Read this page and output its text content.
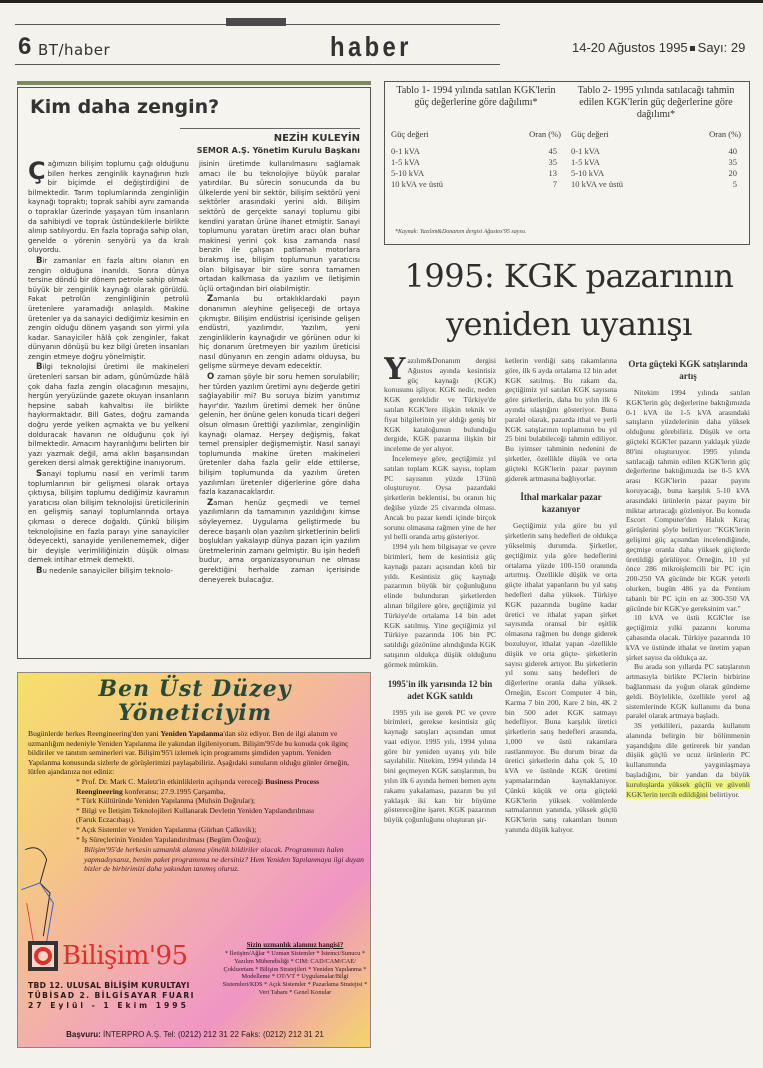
6 BT/haber	haber	14-20 Ağustos 1995 Sayı: 29
Kim daha zengin?
NEZİH KULEYİN
SEMOR A.Ş. Yönetim Kurulu Başkanı

Çağımızın bilişim toplumu çağı olduğunu bilen herkes zenginlik kaynağının hızlı bir biçimde el değiştirdiğini de bilmektedir. Tarım toplumlarında zenginliğin kaynağı topraktı; toprak sahibi aynı zamanda o topraklar üzerinde yaşayan tüm insanların da sahibiydi ve toprak üstündekilerle birlikte alınıp satılıyordu. En fazla toprağa sahip olan, genelde o yörenin senyörü ya da kralı oluyordu.

Bir zamanlar en fazla altını olanın en zengin olduğuna inanıldı. Sonra dünya tersine döndü bir dönem petrole sahip olmak büyük bir zenginlik kaynağı olarak görüldü. Fakat petrolün zenginliğinin petrolü üretenlere yaramadığı anlaşıldı. Makine üretenler ya da sanayici dediğimiz kesimin en zengin olduğu dönem yaşandı son yirmi yıla kadar. Sanayiciler hâlâ çok zenginler, fakat dünyanın dönüşü bu kez bilgi üreten insanları zengin etmeye doğru yönelmiştir.

Bilgi teknolojisi üretimi ile makineleri üretenleri sarsan bir adam, günümüzde hâlâ çok daha fazla zengin olacağının mesajını, hergün yeryüzünde gazete okuyan insanların hepsine sabah kahvaltısı ile birlikte haykırmaktadır. Bill Gates, doğru zamanda doğru yerde yelken açmakta ve bu yelkeni dolduracak havanın ne olduğunu çok iyi bilmektedir. Amacım hayranlığımı belirten bir yazı yazmak değil, ama aklın başarısından gereken dersi almak gerektiğine inanıyorum.

Sanayi toplumu nasıl en verimli tarım toplumlarının bir gelişmesi olarak ortaya çıktıysa, bilişim toplumu dediğimiz kavramın yaratıcısı olan bilişim teknolojisi üreticilerinin en gelişmiş sanayi toplumlarında ortaya çıkması o derece doğaldı. Çünkü bilişim teknolojisine en fazla parayı yine sanayiciler ödeyecekti, sanayide yenilenememek, diğer bir deyişle verimliliğinizin düşük olması demek intihar etmek demekti.

Bu nedenle sanayiciler bilişim teknolo-

jisinin üretimde kullanılmasını sağlamak amacı ile bu teknolojiye büyük paralar yatırdılar. Bu sürecin sonucunda da bu ülkelerde yeni bir sektör, bilişim sektörü yeni sektörler arasındaki yerini aldı. Bilişim sektörü de gerçekte sanayi toplumu gibi kendini yaratan ürüne ihanet etmiştir. Sanayi toplumunu yaratan üretim aracı olan buhar makinesi yerini çok kısa zamanda nasıl benzin ile çalışan patlamalı motorlara bırakmış ise, bilişim toplumunun yaratıcısı olan bilgisayar bir süre sonra tamamen ortadan kalkmasa da yazılım ve iletişimin üçlü ortağından biri olabilmiştir.

Zamanla bu ortaklıklardaki payın donanımın aleyhine gelişeceği de ortaya çıkmıştır. Bilişim endüstrisi içerisinde gelişen endüstri, yazılımdır. Yazılım, yeni zenginliklerin kaynağıdır ve görünen odur ki hiç donanım üretmeyen bir yazılım üreticisi nasıl dünyanın en zengin adamı olduysa, bu gelişme sürmeye devam edecektir.

O zaman şöyle bir soru hemen sorulabilir; her türden yazılım üretimi aynı değerde getiri sağlayabilir mi? Bu soruya bizim yanıtımız hayır'dır. Yazılım üretimi demek her önüne gelenin, her önüne gelen konuda ticari değeri olsun olmasın ürettiği yazılımlar, zenginliğin kaynağı olamaz. Herşey değişmiş, fakat temel prensipler değişmemiştir. Nasıl sanayi toplumunda makine üreten makineleri üretenler daha fazla gelir elde ettilerse, bilişim toplumunda da yazılım üreten yazılımları üretenler diğerlerine göre daha fazla kazanacaklardır.

Zaman henüz geçmedi ve temel yazılımların da tamamının yazıldığını kimse söyleyemez. Uygulama geliştirmede bu derece başarılı olan yazılım şirketlerinin belirli boşlukları yakalayıp dünya pazarı için yazılım üretmelerinin zamanı gelmiştir. Bu işin hedefi budur, ama organizasyonunun ne olması gerektiğini herhalde zaman içerisinde deneyerek bulacağız.

Ben Üst Düzey
Yöneticiyim
Bugünlerde herkes Reengineering'den yani Yeniden Yapılanma'dan söz ediyor. Ben de ilgi alanım ve uzmanlığım nedeniyle Yeniden Yapılanma ile yakından ilgileniyorum. Bilişim'95'de bu konuda çok ilginç bildiriler ve tanıtım seminerleri var. Bilişim'95'i izlemek için programımı şimdiden yaptım. Yeniden Yapılanma konusunda sizlerle de görüşlerimizi paylaşabiliriz. Aşağıdaki sunuların olduğu günler örneğin, lütfen ajandanıza not ediniz:
* Prof. Dr. Mark C. Maletz'in etkinliklerin açılışında vereceği Business Process
Reengineering konferansı; 27.9.1995 Çarşamba,
* Türk Kültüründe Yeniden Yapılanma (Muhsin Doğrular);
* Bilgi ve İletişim Teknolojileri Kullanarak Devletin Yeniden Yapılandırılması
(Faruk Eczacıbaşı).
* Açık Sistemler ve Yeniden Yapılanma (Gürhan Çalkıvik);
* İş Süreçlerinin Yeniden Yapılandırılması (Begüm Özoğuz);
Bilişim'95'de herkesin uzmanlık alanına yönelik bildiriler olacak. Programınızı halen yapmadıysanız, benim paket programıma ne dersiniz? Hem Yeniden Yapılanmaya ilgi duyan bizler de birbirimizi daha yakından tanımış oluruz.
Bilişim'95
TBD 12. ULUSAL BİLİŞİM KURULTAYI
TÜBİSAD 2. BİLGİSAYAR FUARI
27 Eylül - 1 Ekim 1995
Sizin uzmanlık alanınız hangisi?
* İletişim/Ağlar * Uzman Sistemler * İstemci/Sunucu * Yazılım Mühendisliği * CIM: CAD/CAM/CAE/Çokluortam * Bilişim Stratejileri * Yeniden Yapılanma * Modelleme * OT/VT * Uygulamalar/Bilgi Sistemleri/KDS * Açık Sistemler * Pazarlama Stratejisi * Veri Tabanı * Genel Konular
Başvuru: İNTERPRO A.Ş. Tel: (0212) 212 31 22 Faks: (0212) 212 31 21
Tablo 1- 1994 yılında satılan KGK'lerin güç değerlerine göre dağılımı*
Güç değeri	Oran (%)
0-1 kVA	45
1-5 kVA	35
5-10 kVA	13
10 kVA ve üstü	7
Tablo 2- 1995 yılında satılacağı tahmin edilen KGK'lerin güç değerlerine göre dağılımı*
Güç değeri	Oran (%)
0-1 kVA	40
1-5 kVA	35
5-10 kVA	20
10 kVA ve üstü	5
*Kaynak: Yazılım&Donanım dergisi Ağustos'95 sayısı.
1995: KGK pazarının
yeniden uyanışı

Yazılım&Donanım dergisi Ağustos ayında kesintisiz güç kaynağı (KGK) konusunu işliyor. KGK nedir, neden KGK gereklidir ve Türkiye'de satılan KGK'lere ilişkin teknik ve fiyat bilgilerinin yer aldığı geniş bir KGK kataloğunun bulunduğu dergide, KGK pazarına ilişkin bir inceleme de yer alıyor.

İncelemeye göre, geçtiğimiz yıl satılan toplam KGK sayısı, toplam PC sayısının yüzde 13'ünü oluşturuyor. Oysa pazardaki şirketlerin beklentisi, bu oranın hiç değilse yüzde 25 civarında olması. Ancak bu pazar kendi içinde birçok sorunu olmasına rağmen yine de her yıl belli oranda artış gösteriyor.

1994 yılı hem bilgisayar ve çevre birimleri, hem de kesintisiz güç kaynağı pazarı açısından kötü bir yıldı. Kesintisiz güç kaynağı pazarının büyük bir çoğunluğunu elinde bulunduran şirketlerden alınan bilgilere göre, geçtiğimiz yıl Türkiye'de ortalama 14 bin adet KGK satılmış. Yine geçtiğimiz yıl Türkiye pazarında 106 bin PC satıldığı gözönüne alındığında KGK satışının oldukça düşük olduğunu görmek mümkün.

1995'in ilk yarısında 12 bin adet KGK satıldı

1995 yılı ise gerek PC ve çevre birimleri, gerekse kesintisiz güç kaynağı satışları açısından umut vaat ediyor. 1995 yılı, 1994 yılına göre bir yeniden uyanış yılı bile sayılabilir. Nitekim, 1994 yılında 14 bini geçmeyen KGK satışlarının, bu yılın ilk 6 ayında hemen hemen aynı rakamı yakalaması, pazarın bu yıl yaklaşık iki katı bir büyüme göstereceğine işaret. KGK pazarının büyük çoğunluğunu oluşturan şir-

ketlerin verdiği satış rakamlarına göre, ilk 6 ayda ortalama 12 bin adet KGK satılmış. Bu rakam da, geçtiğimiz yıl satılan KGK sayısına göre şirketlerin, daha bu yılın ilk 6 ayında ulaştığını gösteriyor. Buna paralel olarak, pazarda ithal ve yerli KGK satışlarının toplamının bu yıl 25 bini bulabileceği tahmin ediliyor. Bu iyimser tahminin nedenini de şirketler, özellikle düşük ve orta güçteki KGK'lerin pazar payının giderek artmasına bağlıyorlar.

İthal markalar pazar kazanıyor

Geçtiğimiz yıla göre bu yıl şirketlerin satış hedefleri de oldukça yükselmiş durumda. Şirketler, geçtiğimiz yıla göre hedeflerini ortalama yüzde 100-150 oranında artırmış. Özellikle düşük ve orta güçte ithalat yapanların bu yıl satış hedefleri daha yüksek. Türkiye KGK pazarında bugüne kadar üretici ve ithalat yapan şirket sayısında oransal bir eşitlik olmasına rağmen bu denge giderek bozuluyor, ithalat yapan -özellikle düşük ve orta güçte- şirketlerin sayısı giderek artıyor. Bu şirketlerin yıl sonu satış hedefleri de diğerlerine oranla daha yüksek. Örneğin, Escort Computer 4 bin, Karma 7 bin 200, Kare 2 bin, 4K 2 bin 500 adet KGK satmayı hedefliyor. Buna karşılık üretici şirketlerin satış hedefleri arasında, 1,000 ve üstü rakamlara rastlanmıyor. Bu durum biraz da üretici şirketlerin daha çok 5, 10 kVA ve üstünde KGK üretimi yapmalarından kaynaklanıyor. Çünkü küçük ve orta güçteki KGK'lerin yüksek volümlerde satmalarının yanında, yüksek güçlü KGK'lerin satış rakamları bunun yanında düşük kalıyor.

Orta güçteki KGK satışlarında artış

Nitekim 1994 yılında satılan KGK'lerin güç değerlerine baktığımızda 0-1 kVA ile 1-5 kVA arasındaki satışların yüzdelerinin daha yüksek olduğunu görebiliriz. Düşük ve orta güçteki KGK'ler pazarın yaklaşık yüzde 80'ini oluşturuyor. 1995 yılında satılacağı tahmin edilen KGK'lerin güç değerlerine baktığımızda ise 0-5 kVA arası KGK'lerin pazar payını koruyacağı, buna karşılık 5-10 kVA arasındaki ürünlerin pazar payını bir miktar artıracağı gözleniyor. Bu konuda Escort Computer'den Haluk Kıraç görüşlerini şöyle belirtiyor: "KGK'lerin gelişimi güç açısından incelendiğinde, geçmişe oranla daha yüksek güçlerde üretildiği görülüyor. Örneğin, 10 yıl önce 286 mikroişlemcili bir PC için 200-250 VA gücünde bir KGK yeterli olurken, bugün 486 ya da Pentium tabanlı bir PC için en az 300-350 VA gücünde bir KGK'ye gereksinim var."

10 kVA ve üstü KGK'ler ise geçtiğimiz yılki pazarını koruma çabasında olacak. Türkiye pazarında 10 kVA ve üstünde ithalat ve üretim yapan şirket sayısı da oldukça az.

Bu arada son yıllarda PC satışlarının artmasıyla birlikte PC'lerin birbirine bağlanması da yoğun olarak gündeme geldi. Böylelikle, özellikle yerel ağ sistemlerinde KGK kullanımı da buna paralel olarak artmaya başladı.

3S yetkilileri, pazarda kullanım alanında belirgin bir bölünmenin yaşandığını dile getirerek bir yandan düşük güçlü ve ucuz ürünlerin PC kullanımında yaygınlaşmaya başladığını, bir yandan da büyük kuruluşlarda yüksek güçlü ve güvenli KGK'lerin tercih edildiğini belirtiyor.
